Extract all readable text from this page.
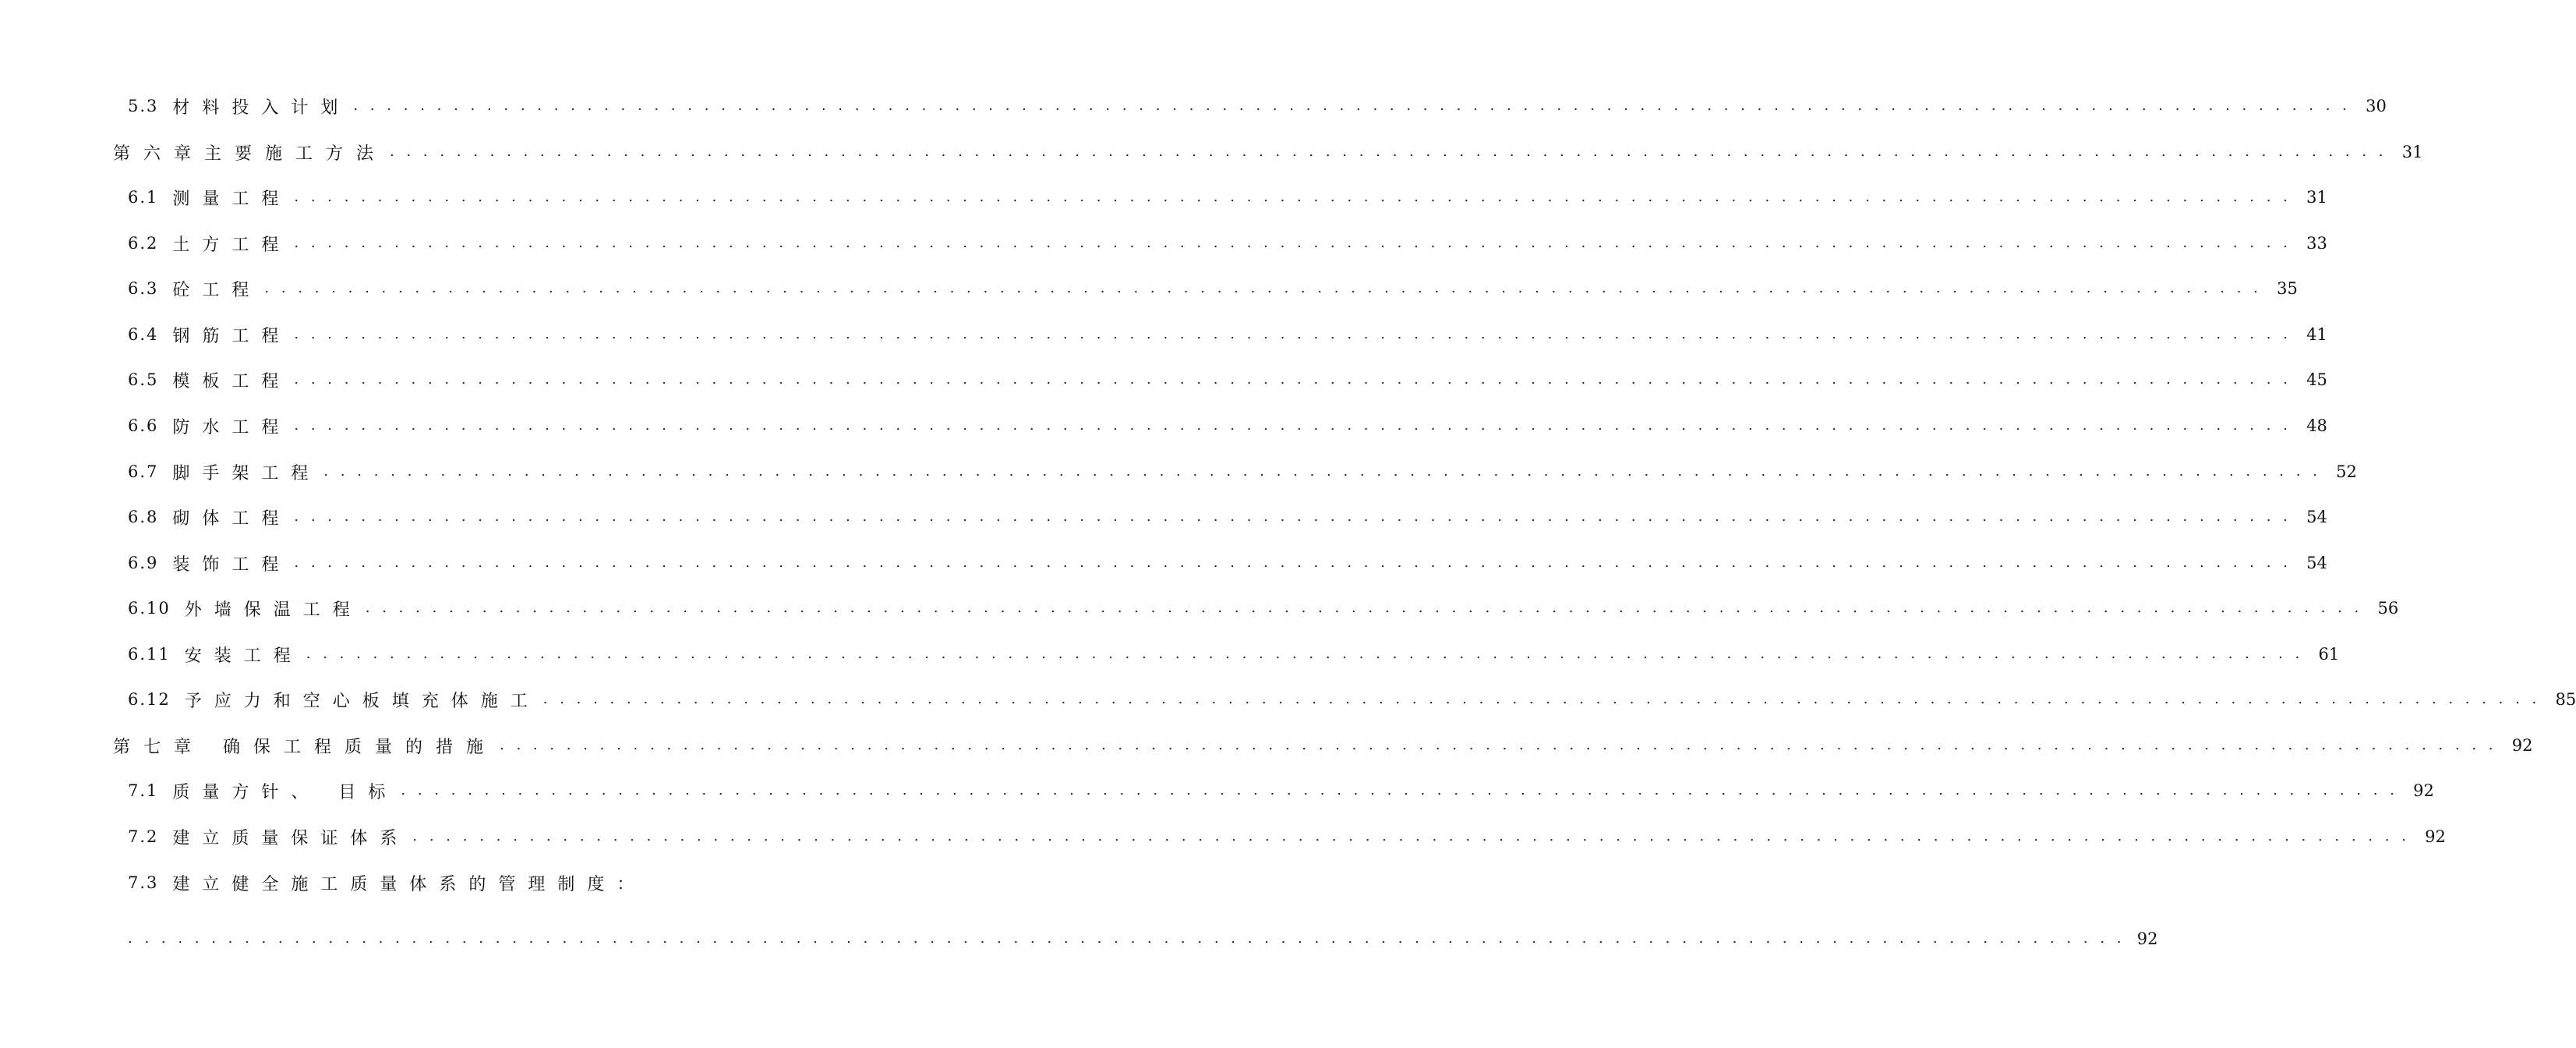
5.3 材料投入计划 . . . . . . . . . . . . . . . . . . . . . . . . . . . . . . . . . . . . . . . . . . . . . . . . . . . . . . . . . . . . . . . . . . . . . . . . . . . . . . . . . . . . . . . . . . . . . . . . . . . . . . . . . . . . . . . . . . . . . . . . 30
第六章主要施工方法 . . . . . . . . . . . . . . . . . . . . . . . . . . . . . . . . . . . . . . . . . . . . . . . . . . . . . . . . . . . . . . . . . . . . . . . . . . . . . . . . . . . . . . . . . . . . . . . . . . . . . . . . . . . . . . . . . . . . . . . . 31
6.1 测量工程 . . . . . . . . . . . . . . . . . . . . . . . . . . . . . . . . . . . . . . . . . . . . . . . . . . . . . . . . . . . . . . . . . . . . . . . . . . . . . . . . . . . . . . . . . . . . . . . . . . . . . . . . . . . . . . . . . . . . . . . . 31
6.2 土方工程 . . . . . . . . . . . . . . . . . . . . . . . . . . . . . . . . . . . . . . . . . . . . . . . . . . . . . . . . . . . . . . . . . . . . . . . . . . . . . . . . . . . . . . . . . . . . . . . . . . . . . . . . . . . . . . . . . . . . . . . . 33
6.3 砼工程 . . . . . . . . . . . . . . . . . . . . . . . . . . . . . . . . . . . . . . . . . . . . . . . . . . . . . . . . . . . . . . . . . . . . . . . . . . . . . . . . . . . . . . . . . . . . . . . . . . . . . . . . . . . . . . . . . . . . . . . . 35
6.4 钢筋工程 . . . . . . . . . . . . . . . . . . . . . . . . . . . . . . . . . . . . . . . . . . . . . . . . . . . . . . . . . . . . . . . . . . . . . . . . . . . . . . . . . . . . . . . . . . . . . . . . . . . . . . . . . . . . . . . . . . . . . . . . 41
6.5 模板工程 . . . . . . . . . . . . . . . . . . . . . . . . . . . . . . . . . . . . . . . . . . . . . . . . . . . . . . . . . . . . . . . . . . . . . . . . . . . . . . . . . . . . . . . . . . . . . . . . . . . . . . . . . . . . . . . . . . . . . . . . 45
6.6 防水工程 . . . . . . . . . . . . . . . . . . . . . . . . . . . . . . . . . . . . . . . . . . . . . . . . . . . . . . . . . . . . . . . . . . . . . . . . . . . . . . . . . . . . . . . . . . . . . . . . . . . . . . . . . . . . . . . . . . . . . . . . 48
6.7 脚手架工程 . . . . . . . . . . . . . . . . . . . . . . . . . . . . . . . . . . . . . . . . . . . . . . . . . . . . . . . . . . . . . . . . . . . . . . . . . . . . . . . . . . . . . . . . . . . . . . . . . . . . . . . . . . . . . . . . . . . . . . . . 52
6.8 砌体工程 . . . . . . . . . . . . . . . . . . . . . . . . . . . . . . . . . . . . . . . . . . . . . . . . . . . . . . . . . . . . . . . . . . . . . . . . . . . . . . . . . . . . . . . . . . . . . . . . . . . . . . . . . . . . . . . . . . . . . . . . 54
6.9 装饰工程 . . . . . . . . . . . . . . . . . . . . . . . . . . . . . . . . . . . . . . . . . . . . . . . . . . . . . . . . . . . . . . . . . . . . . . . . . . . . . . . . . . . . . . . . . . . . . . . . . . . . . . . . . . . . . . . . . . . . . . . . 54
6.10 外墙保温工程 . . . . . . . . . . . . . . . . . . . . . . . . . . . . . . . . . . . . . . . . . . . . . . . . . . . . . . . . . . . . . . . . . . . . . . . . . . . . . . . . . . . . . . . . . . . . . . . . . . . . . . . . . . . . . . . . . . . . . . . . 56
6.11 安装工程 . . . . . . . . . . . . . . . . . . . . . . . . . . . . . . . . . . . . . . . . . . . . . . . . . . . . . . . . . . . . . . . . . . . . . . . . . . . . . . . . . . . . . . . . . . . . . . . . . . . . . . . . . . . . . . . . . . . . . . . . 61
6.12 予应力和空心板填充体施工 . . . . . . . . . . . . . . . . . . . . . . . . . . . . . . . . . . . . . . . . . . . . . . . . . . . . . . . . . . . . . . . . . . . . . . . . . . . . . . . . . . . . . . . . . . . . . . . . . . . . . . . . . . . . . . . . . . . . . . . . 85
第七章 确保工程质量的措施 . . . . . . . . . . . . . . . . . . . . . . . . . . . . . . . . . . . . . . . . . . . . . . . . . . . . . . . . . . . . . . . . . . . . . . . . . . . . . . . . . . . . . . . . . . . . . . . . . . . . . . . . . . . . . . . . . . . . . . . . 92
7.1 质量方针、 目标 . . . . . . . . . . . . . . . . . . . . . . . . . . . . . . . . . . . . . . . . . . . . . . . . . . . . . . . . . . . . . . . . . . . . . . . . . . . . . . . . . . . . . . . . . . . . . . . . . . . . . . . . . . . . . . . . . . . . . . . . 92
7.2 建立质量保证体系 . . . . . . . . . . . . . . . . . . . . . . . . . . . . . . . . . . . . . . . . . . . . . . . . . . . . . . . . . . . . . . . . . . . . . . . . . . . . . . . . . . . . . . . . . . . . . . . . . . . . . . . . . . . . . . . . . . . . . . . . 92
7.3 建立健全施工质量体系的管理制度：
. . . . . . . . . . . . . . . . . . . . . . . . . . . . . . . . . . . . . . . . . . . . . . . . . . . . . . . . . . . . . . . . . . . . . . . . . . . . . . . . . . . . . . . . . . . . . . . . . . . . . . . . . . . . . . . . . . . . . . . . 92
